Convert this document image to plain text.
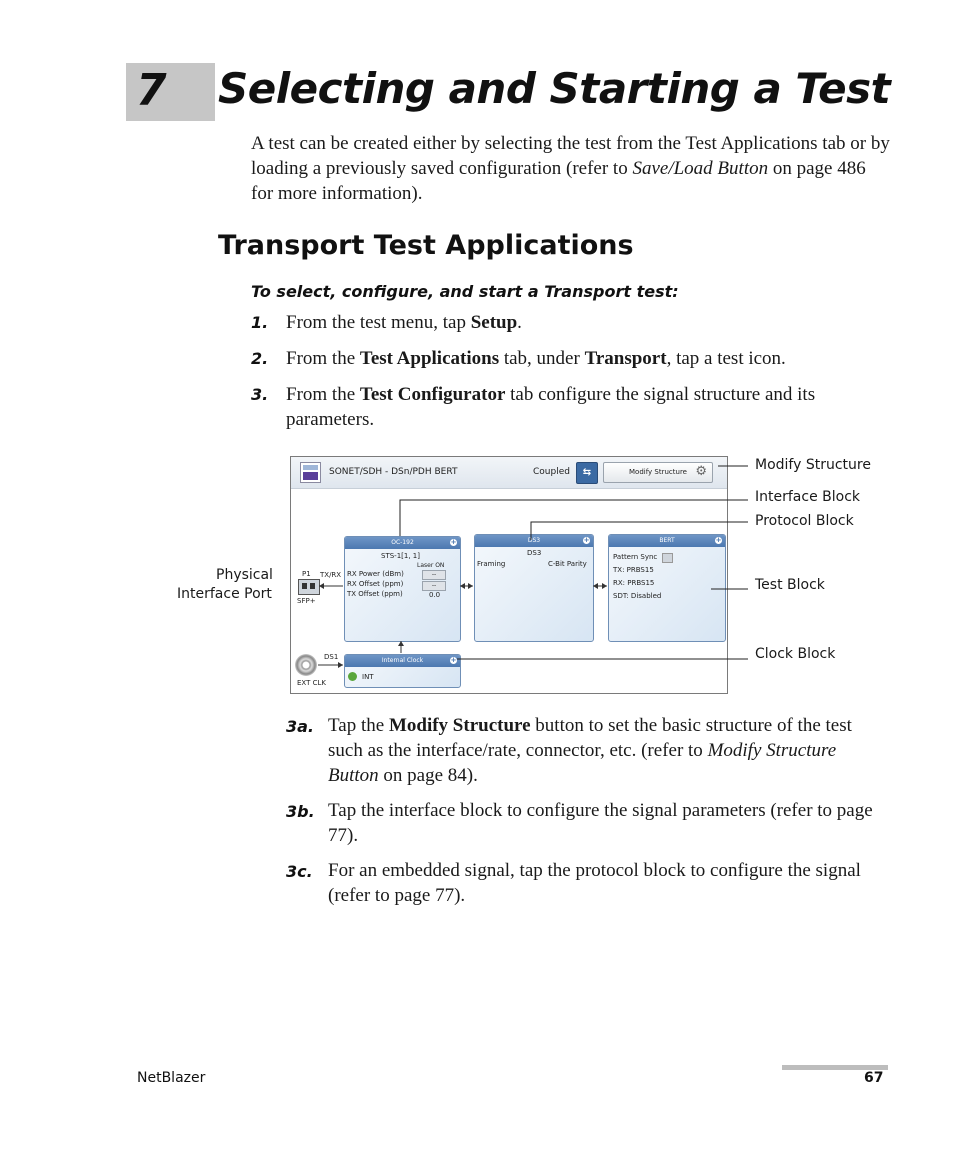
7 Selecting and Starting a Test
A test can be created either by selecting the test from the Test Applications tab or by loading a previously saved configuration (refer to Save/Load Button on page 486 for more information).
Transport Test Applications
To select, configure, and start a Transport test:
1. From the test menu, tap Setup.
2. From the Test Applications tab, under Transport, tap a test icon.
3. From the Test Configurator tab configure the signal structure and its parameters.
SONET/SDH - DSn/PDH BERT	Coupled	⇆	Modify Structure ⚙
P1
SFP+
TX/RX
OC-192	+
STS-1[1, 1]
Laser ON
RX Power (dBm)
RX Offset (ppm)
TX Offset (ppm)
--
--
0.0
DS3	+
DS3
Framing	C-Bit Parity
BERT	+
Pattern Sync
TX: PRBS15
RX: PRBS15
SDT: Disabled
DS1
EXT CLK
Internal Clock	+
INT
Modify Structure
Interface Block
Protocol Block
Test Block
Clock Block
Physical
Interface Port
3a. Tap the Modify Structure button to set the basic structure of the test such as the interface/rate, connector, etc. (refer to Modify Structure Button on page 84).
3b. Tap the interface block to configure the signal parameters (refer to page 77).
3c. For an embedded signal, tap the protocol block to configure the signal (refer to page 77).
NetBlazer	67
